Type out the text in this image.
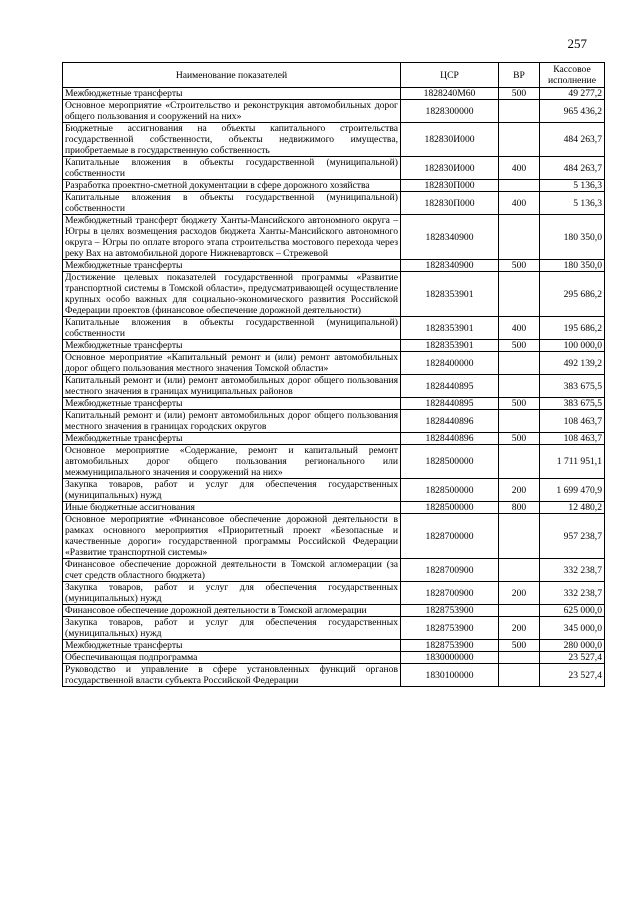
257
Наименование показателей	ЦСР	ВР	Кассовое исполнение
Межбюджетные трансферты	1828240М60	500	49 277,2
Основное мероприятие «Строительство и реконструкция автомобильных дорог общего пользования и сооружений на них»	1828300000		965 436,2
Бюджетные ассигнования на объекты капитального строительства государственной собственности, объекты недвижимого имущества, приобретаемые в государственную собственность	182830И000		484 263,7
Капитальные вложения в объекты государственной (муниципальной) собственности	182830И000	400	484 263,7
Разработка проектно-сметной документации в сфере дорожного хозяйства	182830П000		5 136,3
Капитальные вложения в объекты государственной (муниципальной) собственности	182830П000	400	5 136,3
Межбюджетный трансферт бюджету Ханты-Мансийского автономного округа – Югры в целях возмещения расходов бюджета Ханты-Мансийского автономного округа – Югры по оплате второго этапа строительства мостового перехода через реку Вах на автомобильной дороге Нижневартовск – Стрежевой	1828340900		180 350,0
Межбюджетные трансферты	1828340900	500	180 350,0
Достижение целевых показателей государственной программы «Развитие транспортной системы в Томской области», предусматривающей осуществление крупных особо важных для социально-экономического развития Российской Федерации проектов (финансовое обеспечение дорожной деятельности)	1828353901		295 686,2
Капитальные вложения в объекты государственной (муниципальной) собственности	1828353901	400	195 686,2
Межбюджетные трансферты	1828353901	500	100 000,0
Основное мероприятие «Капитальный ремонт и (или) ремонт автомобильных дорог общего пользования местного значения Томской области»	1828400000		492 139,2
Капитальный ремонт и (или) ремонт автомобильных дорог общего пользования местного значения в границах муниципальных районов	1828440895		383 675,5
Межбюджетные трансферты	1828440895	500	383 675,5
Капитальный ремонт и (или) ремонт автомобильных дорог общего пользования местного значения в границах городских округов	1828440896		108 463,7
Межбюджетные трансферты	1828440896	500	108 463,7
Основное мероприятие «Содержание, ремонт и капитальный ремонт автомобильных дорог общего пользования регионального или межмуниципального значения и сооружений на них»	1828500000		1 711 951,1
Закупка товаров, работ и услуг для обеспечения государственных (муниципальных) нужд	1828500000	200	1 699 470,9
Иные бюджетные ассигнования	1828500000	800	12 480,2
Основное мероприятие «Финансовое обеспечение дорожной деятельности в рамках основного мероприятия «Приоритетный проект «Безопасные и качественные дороги» государственной программы Российской Федерации «Развитие транспортной системы»	1828700000		957 238,7
Финансовое обеспечение дорожной деятельности в Томской агломерации (за счет средств областного бюджета)	1828700900		332 238,7
Закупка товаров, работ и услуг для обеспечения государственных (муниципальных) нужд	1828700900	200	332 238,7
Финансовое обеспечение дорожной деятельности в Томской агломерации	1828753900		625 000,0
Закупка товаров, работ и услуг для обеспечения государственных (муниципальных) нужд	1828753900	200	345 000,0
Межбюджетные трансферты	1828753900	500	280 000,0
Обеспечивающая подпрограмма	1830000000		23 527,4
Руководство и управление в сфере установленных функций органов государственной власти субъекта Российской Федерации	1830100000		23 527,4
